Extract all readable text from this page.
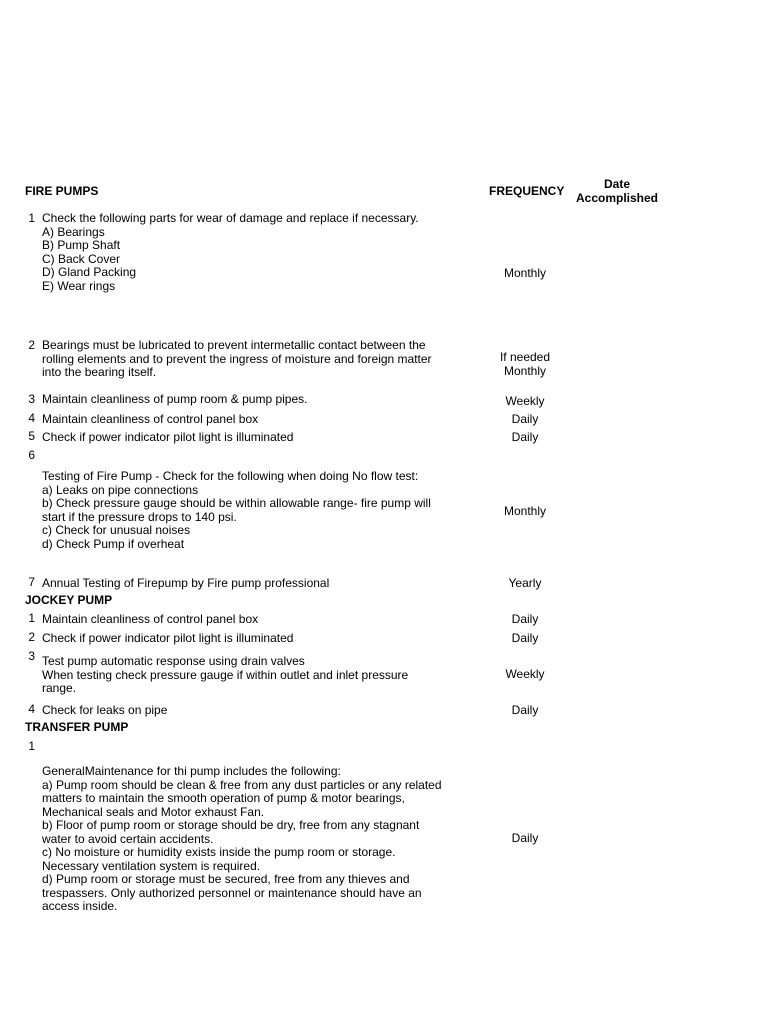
FIRE PUMPS	FREQUENCY	Date
Accomplished
1 Check the following parts for wear of damage and replace if necessary.
A) Bearings
B) Pump Shaft
C) Back Cover
D) Gland Packing
E) Wear rings
Monthly
2 Bearings must be lubricated to prevent intermetallic contact between the
rolling elements and to prevent the ingress of moisture and foreign matter
into the bearing itself.
If needed
Monthly
3 Maintain cleanliness of pump room & pump pipes.	Weekly
4 Maintain cleanliness of control panel box	Daily
5 Check if power indicator pilot light is illuminated	Daily
6
Testing of Fire Pump - Check for the following when doing No flow test:
a) Leaks on pipe connections
b) Check pressure gauge should be within allowable range- fire pump will
start if the pressure drops to 140 psi.
c) Check for unusual noises
d) Check Pump if overheat
Monthly
7 Annual Testing of Firepump by Fire pump professional	Yearly
JOCKEY PUMP
1 Maintain cleanliness of control panel box	Daily
2 Check if power indicator pilot light is illuminated	Daily
3 Test pump automatic response using drain valves
When testing check pressure gauge if within outlet and inlet pressure
range.
Weekly
4 Check for leaks on pipe	Daily
TRANSFER PUMP
1
GeneralMaintenance for thi pump includes the following:
a) Pump room should be clean & free from any dust particles or any related
matters to maintain the smooth operation of pump & motor bearings,
Mechanical seals and Motor exhaust Fan.
b) Floor of pump room or storage should be dry, free from any stagnant
water to avoid certain accidents.
c) No moisture or humidity exists inside the pump room or storage.
Necessary ventilation system is required.
d) Pump room or storage must be secured, free from any thieves and
trespassers. Only authorized personnel or maintenance should have an
access inside.
Daily
